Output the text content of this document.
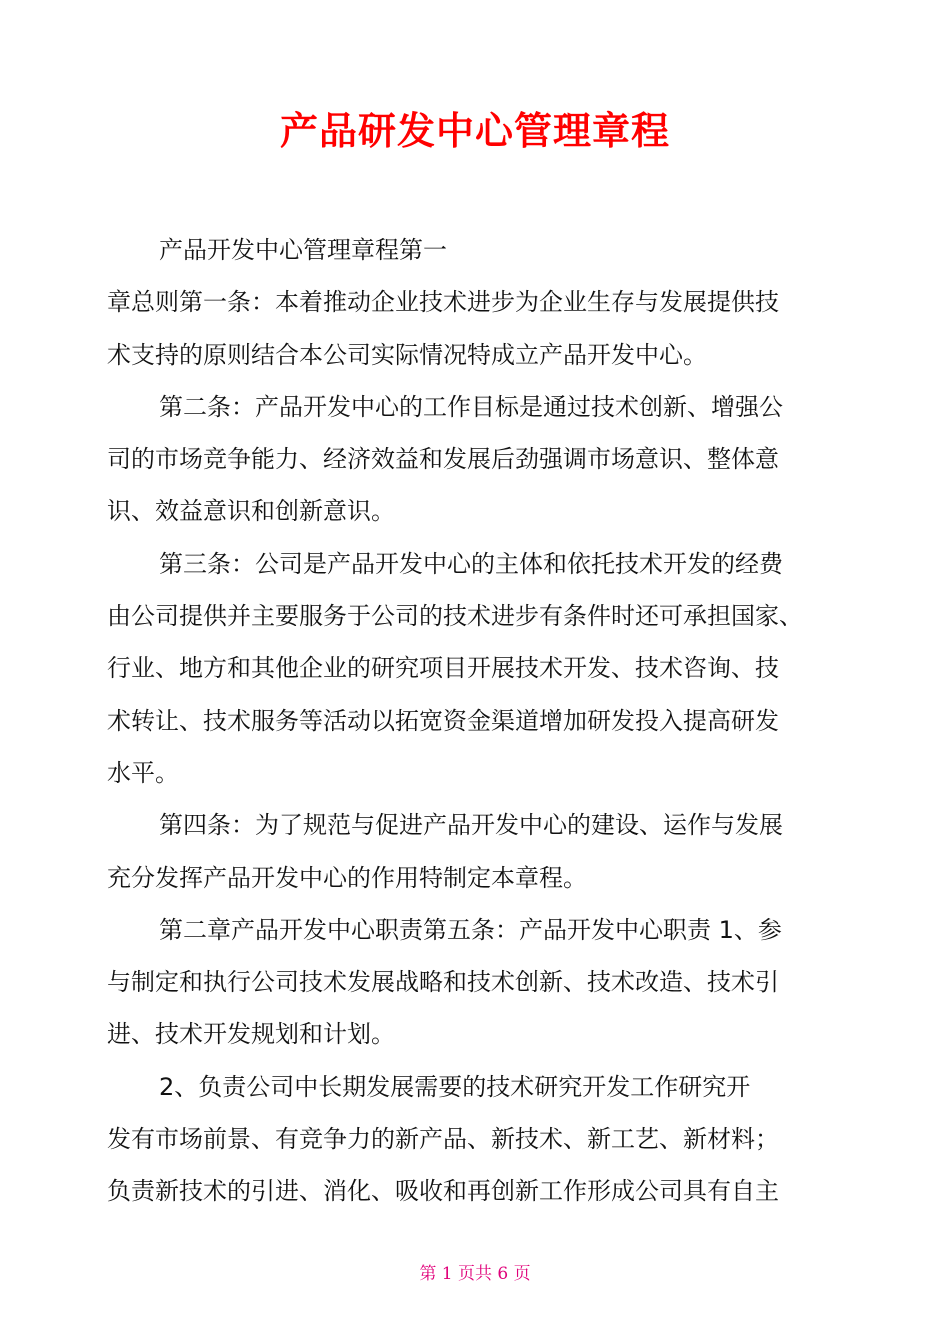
产品研发中心管理章程
产品开发中心管理章程第一
章总则第一条：本着推动企业技术进步为企业生存与发展提供技
术支持的原则结合本公司实际情况特成立产品开发中心。
第二条：产品开发中心的工作目标是通过技术创新、增强公
司的市场竞争能力、经济效益和发展后劲强调市场意识、整体意
识、效益意识和创新意识。
第三条：公司是产品开发中心的主体和依托技术开发的经费
由公司提供并主要服务于公司的技术进步有条件时还可承担国家、
行业、地方和其他企业的研究项目开展技术开发、技术咨询、技
术转让、技术服务等活动以拓宽资金渠道增加研发投入提高研发
水平。
第四条：为了规范与促进产品开发中心的建设、运作与发展
充分发挥产品开发中心的作用特制定本章程。
第二章产品开发中心职责第五条：产品开发中心职责 1、参
与制定和执行公司技术发展战略和技术创新、技术改造、技术引
进、技术开发规划和计划。
2、负责公司中长期发展需要的技术研究开发工作研究开
发有市场前景、有竞争力的新产品、新技术、新工艺、新材料；
负责新技术的引进、消化、吸收和再创新工作形成公司具有自主
第 1 页共 6 页
